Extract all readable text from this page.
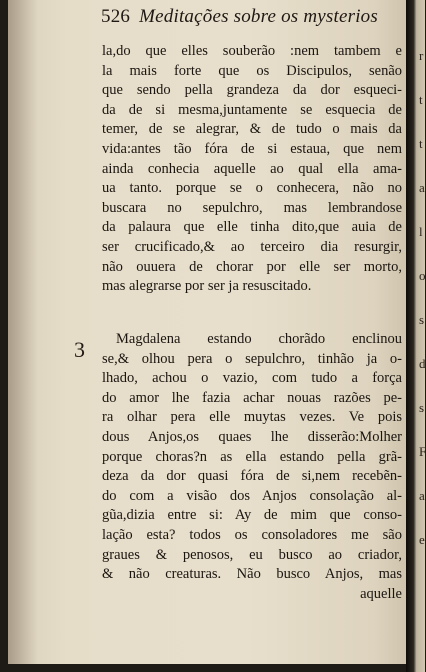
526 Meditações sobre os mysterios
la,do que elles souberão :nem tambem e
la mais forte que os Discipulos, senão
que sendo pella grandeza da dor esqueci-
da de si mesma,juntamente se esquecia de
temer, de se alegrar, & de tudo o mais da
vida:antes tão fóra de si estaua, que nem
ainda conhecia aquelle ao qual ella ama-
ua tanto. porque se o conhecera, não no
buscara no sepulchro, mas lembrandose
da palaura que elle tinha dito,que auia de
ser crucificado,& ao terceiro dia resurgir,
não ouuera de chorar por elle ser morto,
mas alegrarse por ser ja resuscitado.
3	Magdalena estando chorãdo enclinou
se,& olhou pera o sepulchro, tinhão ja o-
lhado, achou o vazio, com tudo a força
do amor lhe fazia achar nouas razões pe-
ra olhar pera elle muytas vezes. Ve pois
dous Anjos,os quaes lhe disserão:Molher
porque choras?n as ella estando pella grã-
deza da dor quasi fóra de si,nem recebẽn-
do com a visão dos Anjos consolação al-
gũa,dizia entre si: Ay de mim que conso-
lação esta? todos os consoladores me são
graues & penosos, eu busco ao criador,
& não creaturas. Não busco Anjos, mas
aquelle
r
t
t
a
l
o
s
d
s
F
a
e
